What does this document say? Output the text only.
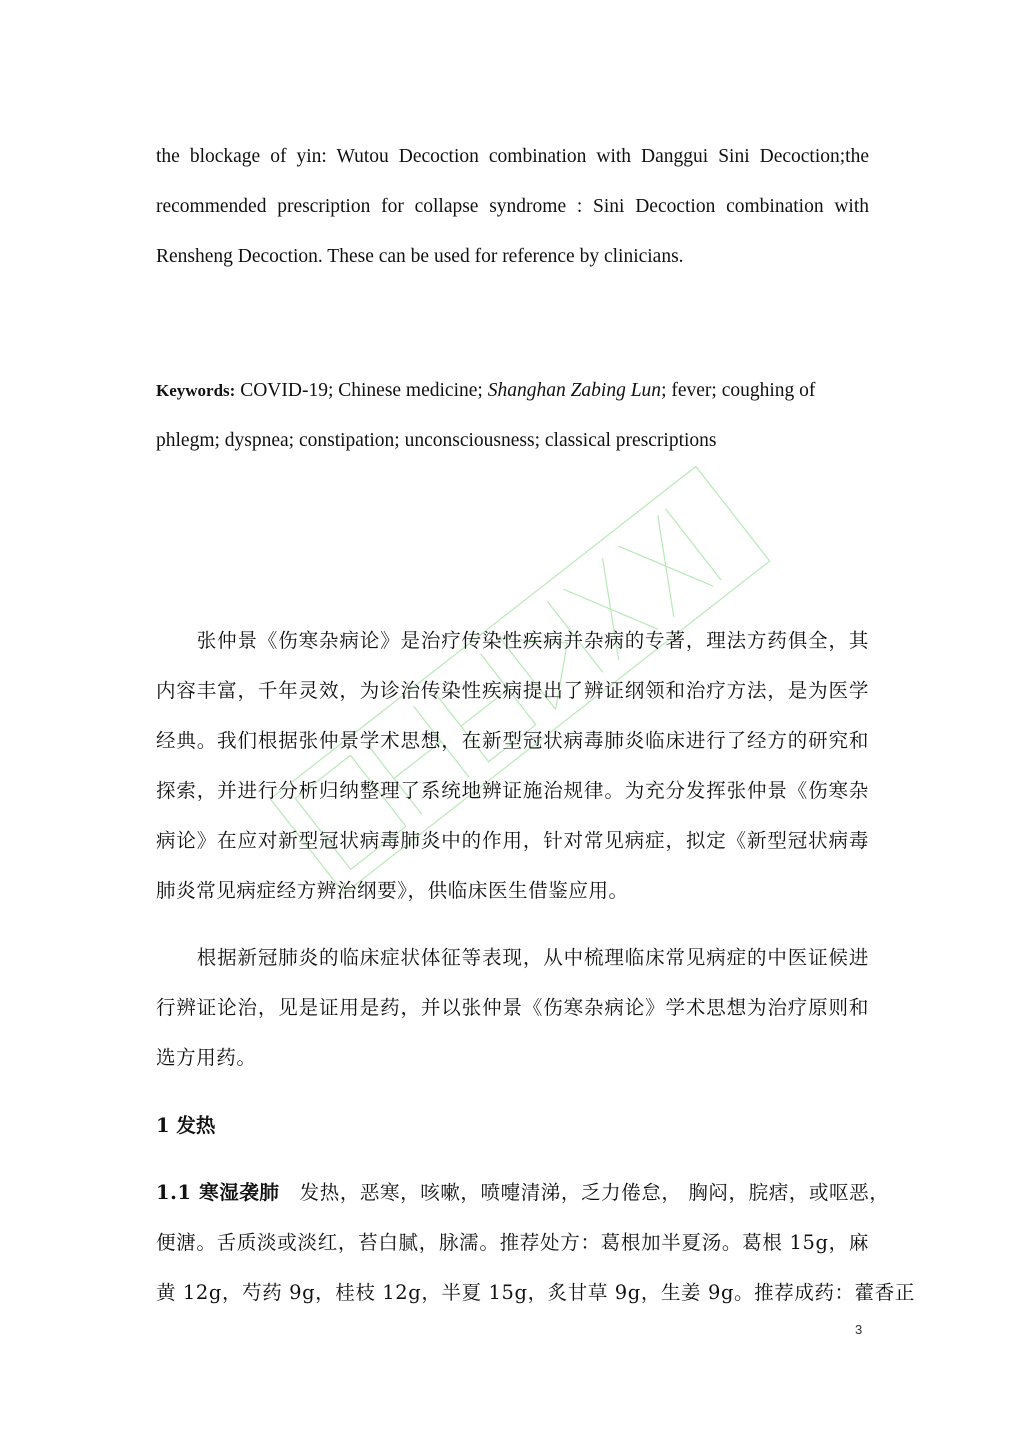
the blockage of yin: Wutou Decoction combination with Danggui Sini Decoction;the
recommended prescription for collapse syndrome : Sini Decoction combination with
Rensheng Decoction. These can be used for reference by clinicians.
Keywords: COVID-19; Chinese medicine; Shanghan Zabing Lun; fever; coughing of
phlegm; dyspnea; constipation; unconsciousness; classical prescriptions
　　张仲景《伤寒杂病论》是治疗传染性疾病并杂病的专著，理法方药俱全，其
内容丰富，千年灵效，为诊治传染性疾病提出了辨证纲领和治疗方法，是为医学
经典。我们根据张仲景学术思想，在新型冠状病毒肺炎临床进行了经方的研究和
探索，并进行分析归纳整理了系统地辨证施治规律。为充分发挥张仲景《伤寒杂
病论》在应对新型冠状病毒肺炎中的作用，针对常见病症，拟定《新型冠状病毒
肺炎常见病症经方辨治纲要》，供临床医生借鉴应用。
　　根据新冠肺炎的临床症状体征等表现，从中梳理临床常见病症的中医证候进
行辨证论治，见是证用是药，并以张仲景《伤寒杂病论》学术思想为治疗原则和
选方用药。
1 发热
1.1 寒湿袭肺　发热，恶寒，咳嗽，喷嚏清涕，乏力倦怠， 胸闷，脘痞，或呕恶，
便溏。舌质淡或淡红，苔白腻，脉濡。推荐处方：葛根加半夏汤。葛根 15g，麻
黄 12g，芍药 9g，桂枝 12g，半夏 15g，炙甘草 9g，生姜 9g。推荐成药：藿香正
3
